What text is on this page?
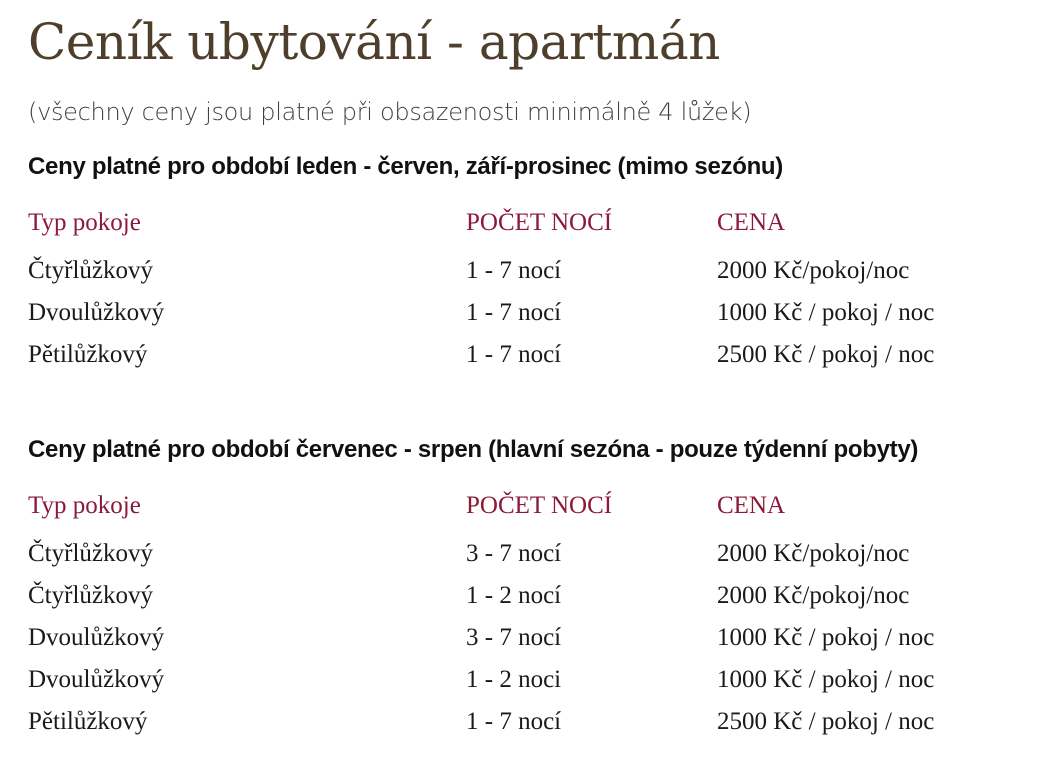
Ceník ubytování - apartmán

(všechny ceny jsou platné při obsazenosti minimálně 4 lůžek)

Ceny platné pro období leden - červen, září-prosinec (mimo sezónu)
Typ pokoje	POČET NOCÍ	CENA
Čtyřlůžkový	1 - 7 nocí	2000 Kč/pokoj/noc
Dvoulůžkový	1 - 7 nocí	1000 Kč / pokoj / noc
Pětilůžkový	1 - 7 nocí	2500 Kč / pokoj / noc
Ceny platné pro období červenec - srpen (hlavní sezóna - pouze týdenní pobyty)
Typ pokoje	POČET NOCÍ	CENA
Čtyřlůžkový	3 - 7 nocí	2000 Kč/pokoj/noc
Čtyřlůžkový	1 - 2 nocí	2000 Kč/pokoj/noc
Dvoulůžkový	3 - 7 nocí	1000 Kč / pokoj / noc
Dvoulůžkový	1 - 2 noci	1000 Kč / pokoj / noc
Pětilůžkový	1 - 7 nocí	2500 Kč / pokoj / noc
